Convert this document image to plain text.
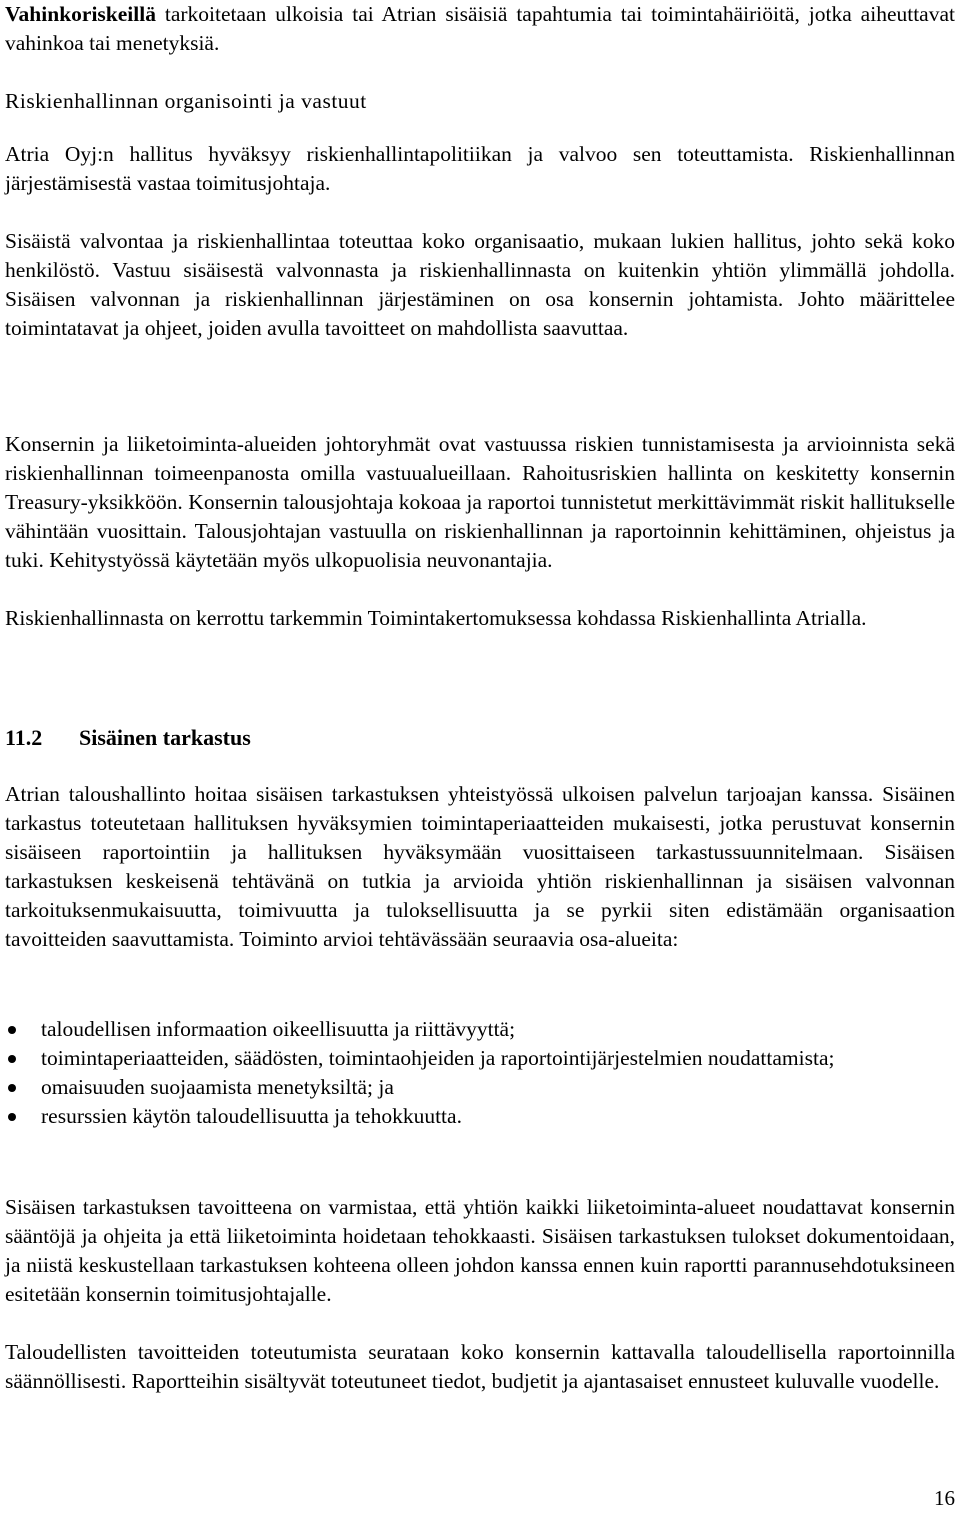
Vahinkoriskeillä tarkoitetaan ulkoisia tai Atrian sisäisiä tapahtumia tai toimintahäiriöitä, jotka aiheuttavat vahinkoa tai menetyksiä.

Riskienhallinnan organisointi ja vastuut

Atria Oyj:n hallitus hyväksyy riskienhallintapolitiikan ja valvoo sen toteuttamista. Riskienhallinnan järjestämisestä vastaa toimitusjohtaja.

Sisäistä valvontaa ja riskienhallintaa toteuttaa koko organisaatio, mukaan lukien hallitus, johto sekä koko henkilöstö. Vastuu sisäisestä valvonnasta ja riskienhallinnasta on kuitenkin yhtiön ylimmällä johdolla. Sisäisen valvonnan ja riskienhallinnan järjestäminen on osa konsernin johtamista. Johto määrittelee toimintatavat ja ohjeet, joiden avulla tavoitteet on mahdollista saavuttaa.

Konsernin ja liiketoiminta-alueiden johtoryhmät ovat vastuussa riskien tunnistamisesta ja arvioinnista sekä riskienhallinnan toimeenpanosta omilla vastuualueillaan. Rahoitusriskien hallinta on keskitetty konsernin Treasury-yksikköön. Konsernin talousjohtaja kokoaa ja raportoi tunnistetut merkittävimmät riskit hallitukselle vähintään vuosittain. Talousjohtajan vastuulla on riskienhallinnan ja raportoinnin kehittäminen, ohjeistus ja tuki. Kehitystyössä käytetään myös ulkopuolisia neuvonantajia.

Riskienhallinnasta on kerrottu tarkemmin Toimintakertomuksessa kohdassa Riskienhallinta Atrialla.

11.2 Sisäinen tarkastus

Atrian taloushallinto hoitaa sisäisen tarkastuksen yhteistyössä ulkoisen palvelun tarjoajan kanssa. Sisäinen tarkastus toteutetaan hallituksen hyväksymien toimintaperiaatteiden mukaisesti, jotka perustuvat konsernin sisäiseen raportointiin ja hallituksen hyväksymään vuosittaiseen tarkastussuunnitelmaan. Sisäisen tarkastuksen keskeisenä tehtävänä on tutkia ja arvioida yhtiön riskienhallinnan ja sisäisen valvonnan tarkoituksenmukaisuutta, toimivuutta ja tuloksellisuutta ja se pyrkii siten edistämään organisaation tavoitteiden saavuttamista. Toiminto arvioi tehtävässään seuraavia osa-alueita:

taloudellisen informaation oikeellisuutta ja riittävyyttä;
toimintaperiaatteiden, säädösten, toimintaohjeiden ja raportointijärjestelmien noudattamista;
omaisuuden suojaamista menetyksiltä; ja
resurssien käytön taloudellisuutta ja tehokkuutta.

Sisäisen tarkastuksen tavoitteena on varmistaa, että yhtiön kaikki liiketoiminta-alueet noudattavat konsernin sääntöjä ja ohjeita ja että liiketoiminta hoidetaan tehokkaasti. Sisäisen tarkastuksen tulokset dokumentoidaan, ja niistä keskustellaan tarkastuksen kohteena olleen johdon kanssa ennen kuin raportti parannusehdotuksineen esitetään konsernin toimitusjohtajalle.

Taloudellisten tavoitteiden toteutumista seurataan koko konsernin kattavalla taloudellisella raportoinnilla säännöllisesti. Raportteihin sisältyvät toteutuneet tiedot, budjetit ja ajantasaiset ennusteet kuluvalle vuodelle.

16
